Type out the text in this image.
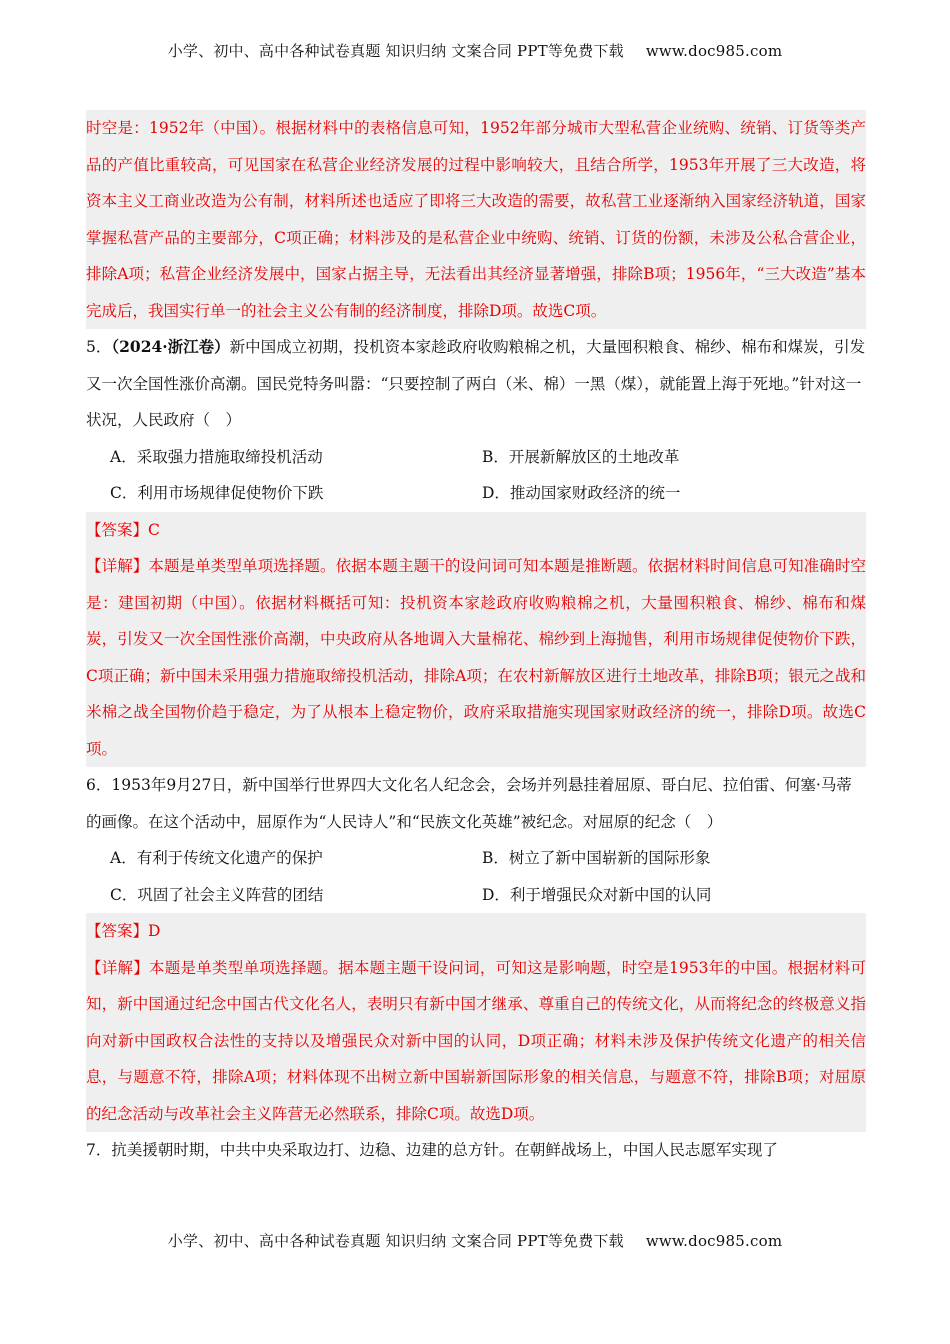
小学、初中、高中各种试卷真题 知识归纳 文案合同 PPT等免费下载 www.doc985.com

时空是：1952年（中国）。根据材料中的表格信息可知，1952年部分城市大型私营企业统购、统销、订货等类产品的产值比重较高，可见国家在私营企业经济发展的过程中影响较大，且结合所学，1953年开展了三大改造，将资本主义工商业改造为公有制，材料所述也适应了即将三大改造的需要，故私营工业逐渐纳入国家经济轨道，国家掌握私营产品的主要部分，C项正确；材料涉及的是私营企业中统购、统销、订货的份额，未涉及公私合营企业，排除A项；私营企业经济发展中，国家占据主导，无法看出其经济显著增强，排除B项；1956年，“三大改造”基本完成后，我国实行单一的社会主义公有制的经济制度，排除D项。故选C项。

5．（2024·浙江卷）新中国成立初期，投机资本家趁政府收购粮棉之机，大量囤积粮食、棉纱、棉布和煤炭，引发又一次全国性涨价高潮。国民党特务叫嚣：“只要控制了两白（米、棉）一黑（煤），就能置上海于死地。”针对这一状况，人民政府（　）

A．采取强力措施取缔投机活动	B．开展新解放区的土地改革
C．利用市场规律促使物价下跌	D．推动国家财政经济的统一

【答案】C

【详解】本题是单类型单项选择题。依据本题主题干的设问词可知本题是推断题。依据材料时间信息可知准确时空是：建国初期（中国）。依据材料概括可知：投机资本家趁政府收购粮棉之机，大量囤积粮食、棉纱、棉布和煤炭，引发又一次全国性涨价高潮，中央政府从各地调入大量棉花、棉纱到上海抛售，利用市场规律促使物价下跌，C项正确；新中国未采用强力措施取缔投机活动，排除A项；在农村新解放区进行土地改革，排除B项；银元之战和米棉之战全国物价趋于稳定，为了从根本上稳定物价，政府采取措施实现国家财政经济的统一，排除D项。故选C项。

6．1953年9月27日，新中国举行世界四大文化名人纪念会，会场并列悬挂着屈原、哥白尼、拉伯雷、何塞·马蒂的画像。在这个活动中，屈原作为“人民诗人”和“民族文化英雄”被纪念。对屈原的纪念（　）

A．有利于传统文化遗产的保护	B．树立了新中国崭新的国际形象
C．巩固了社会主义阵营的团结	D．利于增强民众对新中国的认同

【答案】D

【详解】本题是单类型单项选择题。据本题主题干设问词，可知这是影响题，时空是1953年的中国。根据材料可知，新中国通过纪念中国古代文化名人，表明只有新中国才继承、尊重自己的传统文化，从而将纪念的终极意义指向对新中国政权合法性的支持以及增强民众对新中国的认同，D项正确；材料未涉及保护传统文化遗产的相关信息，与题意不符，排除A项；材料体现不出树立新中国崭新国际形象的相关信息，与题意不符，排除B项；对屈原的纪念活动与改革社会主义阵营无必然联系，排除C项。故选D项。

7．抗美援朝时期，中共中央采取边打、边稳、边建的总方针。在朝鲜战场上，中国人民志愿军实现了

小学、初中、高中各种试卷真题 知识归纳 文案合同 PPT等免费下载 www.doc985.com
